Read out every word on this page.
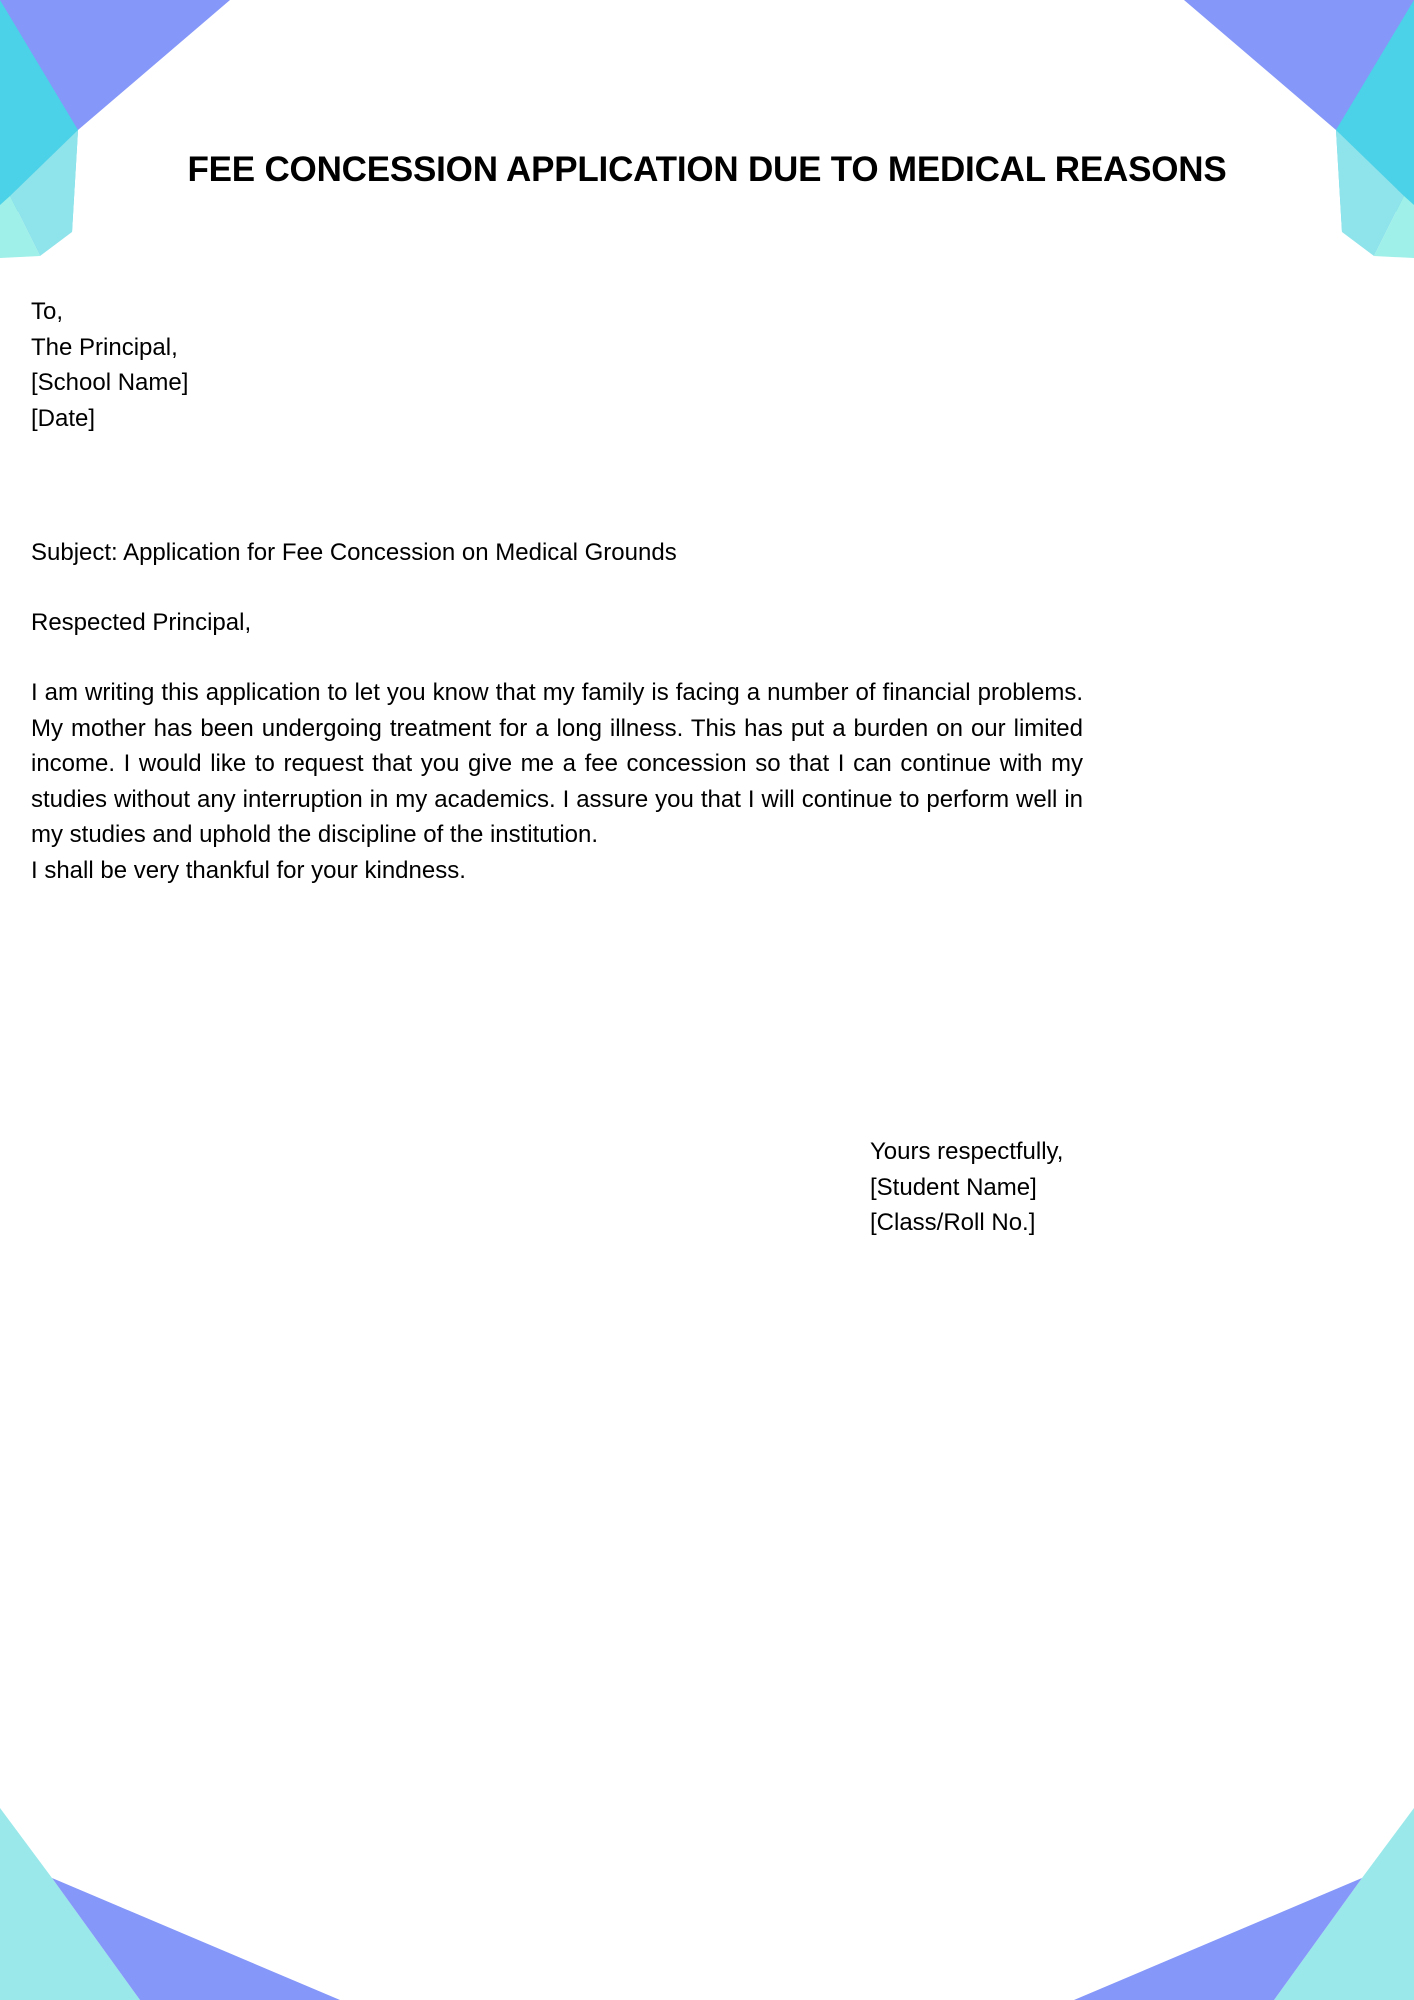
FEE CONCESSION APPLICATION DUE TO MEDICAL REASONS
To,
The Principal,
[School Name]
[Date]
Subject: Application for Fee Concession on Medical Grounds
Respected Principal,
I am writing this application to let you know that my family is facing a number of financial problems. My mother has been undergoing treatment for a long illness. This has put a burden on our limited income. I would like to request that you give me a fee concession so that I can continue with my studies without any interruption in my academics. I assure you that I will continue to perform well in my studies and uphold the discipline of the institution.
I shall be very thankful for your kindness.
Yours respectfully,
[Student Name]
[Class/Roll No.]
